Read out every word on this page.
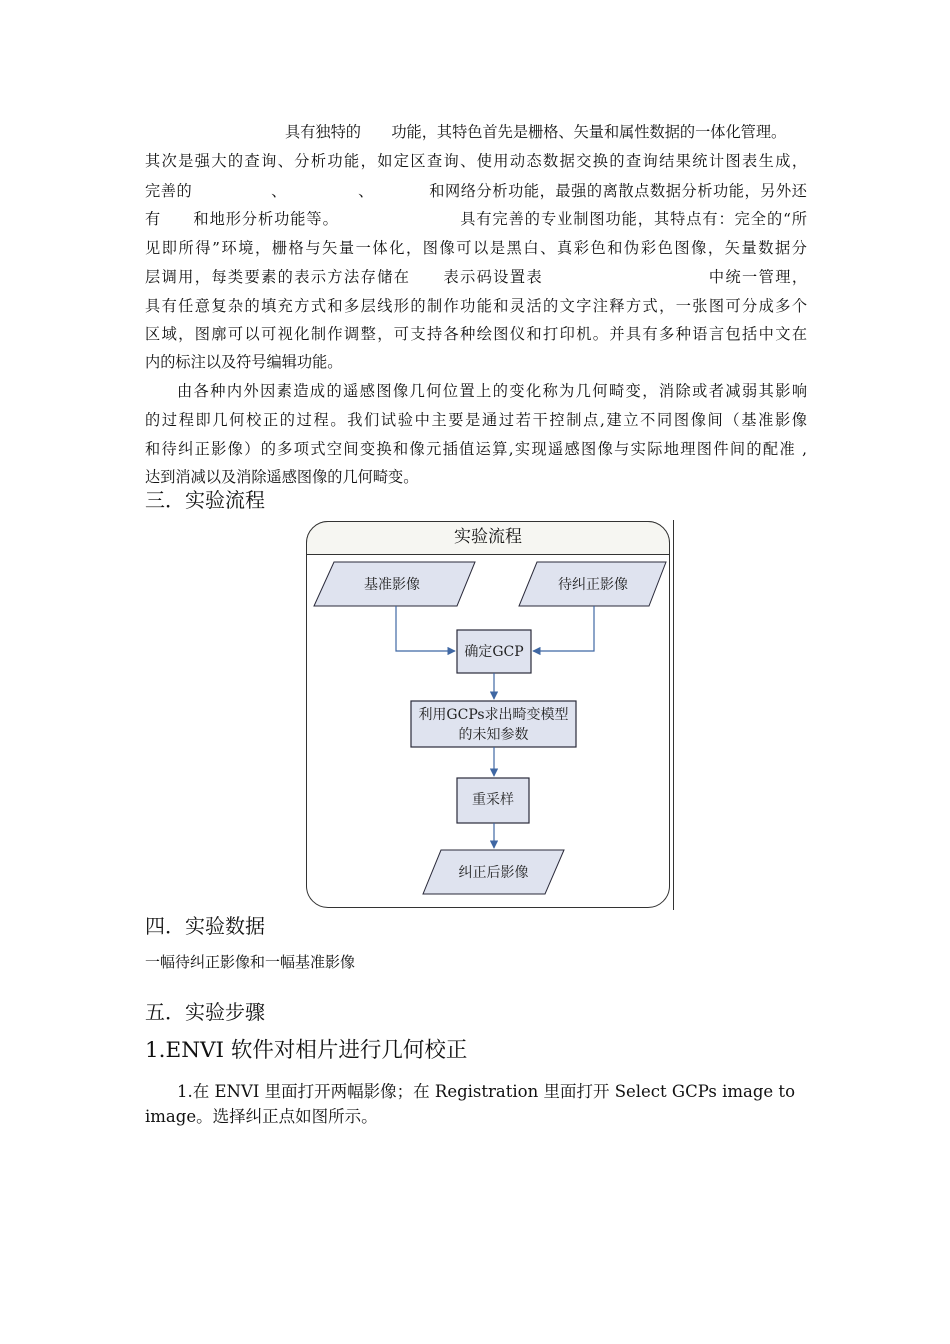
具有独特的　　功能，其特色首先是栅格、矢量和属性数据的一体化管理。
其次是强大的查询、分析功能，如定区查询、使用动态数据交换的查询结果统计图表生成，
完善的　　　　　、　　　　　、　　　　和网络分析功能，最强的离散点数据分析功能，另外还
有　　和地形分析功能等。　　　　　　　　具有完善的专业制图功能，其特点有：完全的“所
见即所得”环境，栅格与矢量一体化，图像可以是黑白、真彩色和伪彩色图像，矢量数据分
层调用，每类要素的表示方法存储在　　表示码设置表　　　　　　　　　　中统一管理，
具有任意复杂的填充方式和多层线形的制作功能和灵活的文字注释方式，一张图可分成多个
区域，图廓可以可视化制作调整，可支持各种绘图仪和打印机。并具有多种语言包括中文在
内的标注以及符号编辑功能。
由各种内外因素造成的遥感图像几何位置上的变化称为几何畸变，消除或者减弱其影响
的过程即几何校正的过程。我们试验中主要是通过若干控制点,建立不同图像间（基准影像
和待纠正影像）的多项式空间变换和像元插值运算,实现遥感图像与实际地理图件间的配准 ,
达到消减以及消除遥感图像的几何畸变。
三．实验流程
实验流程
基准影像	待纠正影像
确定GCP
利用GCPs求出畸变模型
的未知参数
重采样
纠正后影像
四．实验数据
一幅待纠正影像和一幅基准影像
五．实验步骤
1.ENVI 软件对相片进行几何校正
1.在 ENVI 里面打开两幅影像；在 Registration 里面打开 Select GCPs image to
image。选择纠正点如图所示。
